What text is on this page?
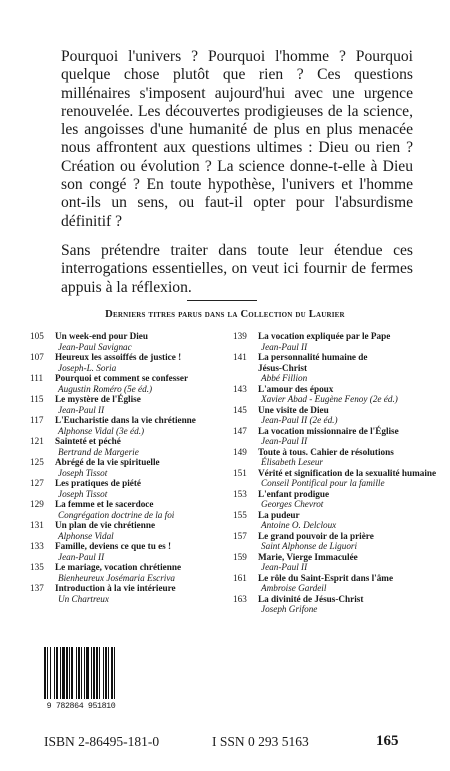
Pourquoi l'univers ? Pourquoi l'homme ? Pourquoi quelque chose plutôt que rien ? Ces questions millénaires s'imposent aujourd'hui avec une urgence renouvelée. Les découvertes prodigieuses de la science, les angoisses d'une humanité de plus en plus menacée nous affrontent aux questions ultimes : Dieu ou rien ? Création ou évolution ? La science donne-t-elle à Dieu son congé ? En toute hypothèse, l'univers et l'homme ont-ils un sens, ou faut-il opter pour l'absurdisme définitif ?

Sans prétendre traiter dans toute leur étendue ces interrogations essentielles, on veut ici fournir de fermes appuis à la réflexion.

Derniers titres parus dans la Collection du Laurier
105	Un week-end pour Dieu
Jean-Paul Savignac
107	Heureux les assoiffés de justice !
Joseph-L. Soria
111	Pourquoi et comment se confesser
Augustin Roméro (5e éd.)
115	Le mystère de l'Église
Jean-Paul II
117	L'Eucharistie dans la vie chrétienne
Alphonse Vidal (3e éd.)
121	Sainteté et péché
Bertrand de Margerie
125	Abrégé de la vie spirituelle
Joseph Tissot
127	Les pratiques de piété
Joseph Tissot
129	La femme et le sacerdoce
Congrégation doctrine de la foi
131	Un plan de vie chrétienne
Alphonse Vidal
133	Famille, deviens ce que tu es !
Jean-Paul II
135	Le mariage, vocation chrétienne
Bienheureux Josémaria Escriva
137	Introduction à la vie intérieure
Un Chartreux
139	La vocation expliquée par le Pape
Jean-Paul II
141	La personnalité humaine de
Jésus-Christ
Abbé Fillion
143	L'amour des époux
Xavier Abad - Eugène Fenoy (2e éd.)
145	Une visite de Dieu
Jean-Paul II (2e éd.)
147	La vocation missionnaire de l'Église
Jean-Paul II
149	Toute à tous. Cahier de résolutions
Élisabeth Leseur
151	Vérité et signification de la sexualité humaine
Conseil Pontifical pour la famille
153	L'enfant prodigue
Georges Chevrot
155	La pudeur
Antoine O. Delcloux
157	Le grand pouvoir de la prière
Saint Alphonse de Liguori
159	Marie, Vierge Immaculée
Jean-Paul II
161	Le rôle du Saint-Esprit dans l'âme
Ambroise Gardeil
163	La divinité de Jésus-Christ
Joseph Grifone
9 782864 951810
ISBN 2-86495-181-0	I SSN 0 293 5163	165
